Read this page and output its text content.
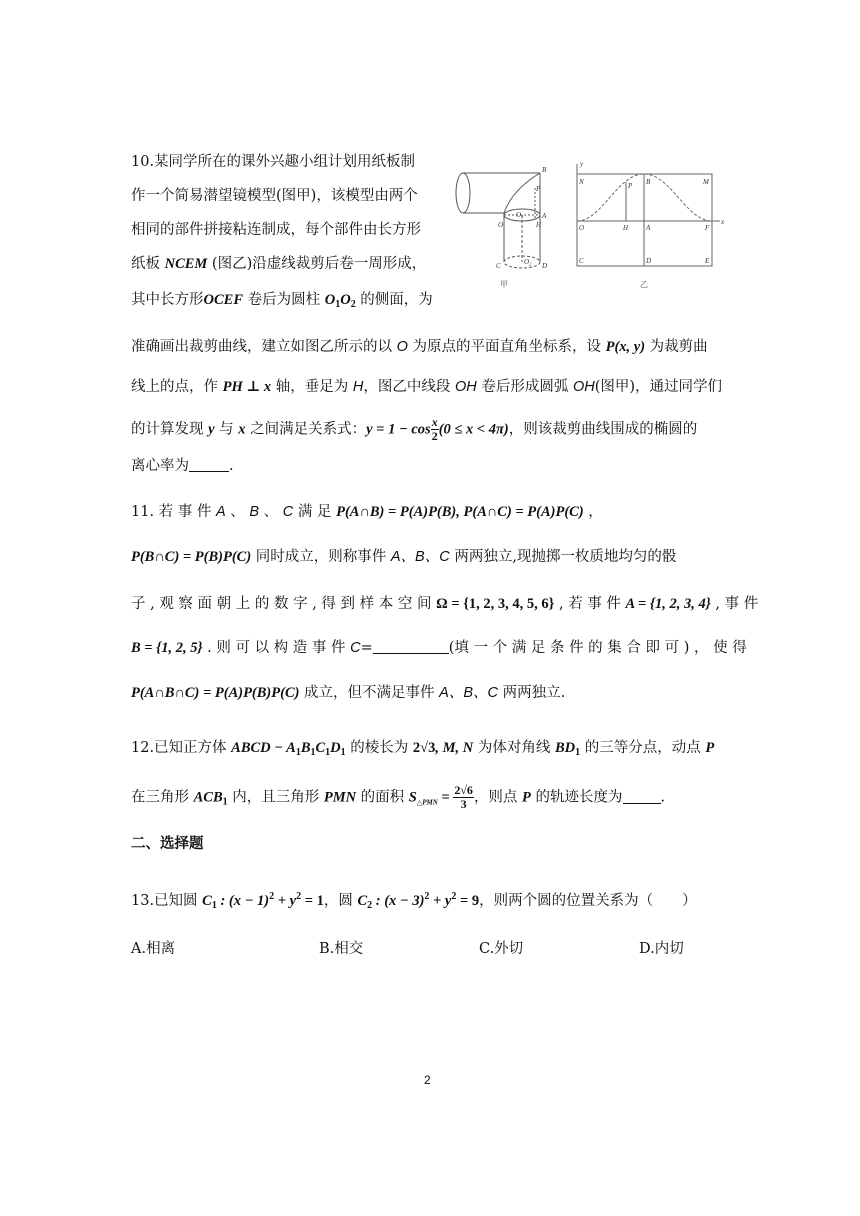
10.某同学所在的课外兴趣小组计划用纸板制
作一个简易潜望镜模型(图甲)，该模型由两个
相同的部件拼接粘连制成，每个部件由长方形
纸板 NCEM (图乙)沿虚线裁剪后卷一周形成，
其中长方形OCEF 卷后为圆柱 $O_1O_2$ 的侧面，为
准确画出裁剪曲线，建立如图乙所示的以 O 为原点的平面直角坐标系，设 P(x, y) 为裁剪曲
线上的点，作 PH ⊥ x 轴，垂足为 H，图乙中线段 OH 卷后形成圆弧 OH(图甲)，通过同学们
的计算发现 y 与 x 之间满足关系式：$y = 1 - \cos \frac{x}{2} (0 \le x < 4\pi)$，则该裁剪曲线围成的椭圆的
离心率为	.
B
P
A
H
O
O₁
C	D
O₂
甲
y
x
N	P B	M
O	H	A	F
C	D	E
乙
11. 若 事 件 A 、 B 、 C 满 足 P(A∩B) = P(A)P(B), P(A∩C) = P(A)P(C) ，
P(B∩C) = P(B)P(C) 同时成立，则称事件 A、B、C 两两独立,现抛掷一枚质地均匀的骰
子 , 观 察 面 朝 上 的 数 字 , 得 到 样 本 空 间 Ω = {1, 2, 3, 4, 5, 6} , 若 事 件 A = {1, 2, 3, 4} , 事 件
B = {1, 2, 5} . 则 可 以 构 造 事 件 C=	(填 一 个 满 足 条 件 的 集 合 即 可 ) ， 使 得
P(A∩B∩C) = P(A)P(B)P(C) 成立，但不满足事件 A、B、C 两两独立.
12.已知正方体 ABCD − $A_1B_1C_1D_1$ 的棱长为 2√3, M, N 为体对角线 $BD_1$ 的三等分点，动点 P
在三角形 $ACB_1$ 内，且三角形 PMN 的面积 $S_{\triangle PMN} = \frac{2√6}{3}$ ，则点 P 的轨迹长度为	.
二、选择题
13.已知圆 $C_1$ : $(x - 1)^2 + y^2 = 1$，圆 $C_2$ : $(x - 3)^2 + y^2 = 9$，则两个圆的位置关系为（　　）
A.相离	B.相交	C.外切	D.内切
2
